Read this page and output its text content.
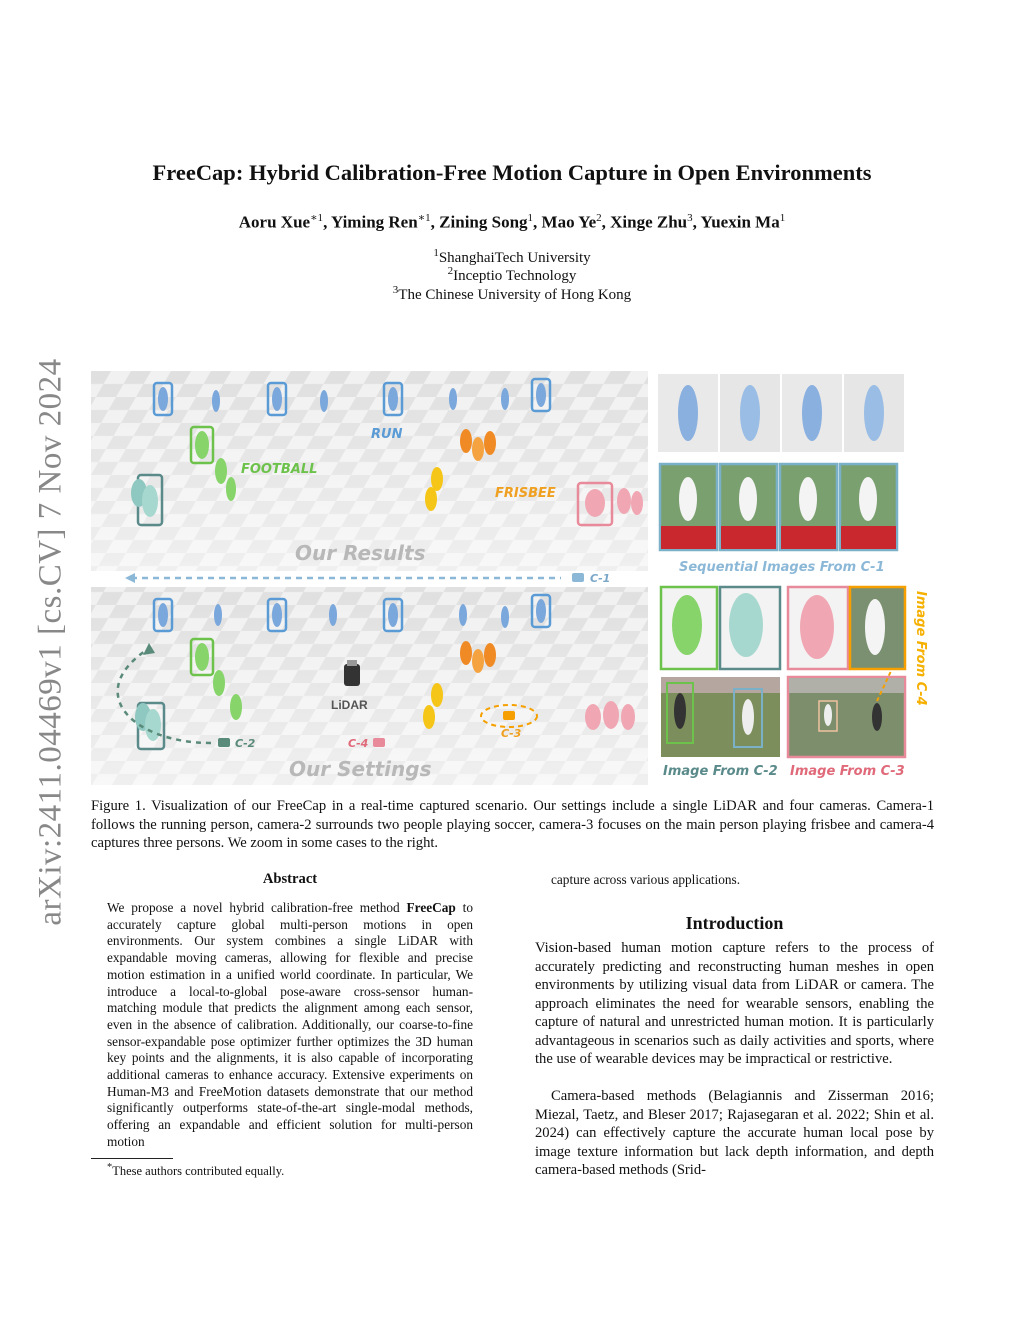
arXiv:2411.04469v1 [cs.CV] 7 Nov 2024
FreeCap: Hybrid Calibration-Free Motion Capture in Open Environments
Aoru Xue$^{∗1}$, Yiming Ren$^{∗1}$, Zining Song$^1$, Mao Ye$^2$, Xinge Zhu$^3$, Yuexin Ma$^1$
$^1$ShanghaiTech University
$^2$Inceptio Technology
$^3$The Chinese University of Hong Kong
RUN
FOOTBALL
FRISBEE
Our Results
C-1
C-2
LiDAR
C-3
C-4
Our Settings
Sequential Images From C-1
Image From C-2
Image From C-4
Image From C-3
Figure 1. Visualization of our FreeCap in a real-time captured scenario. Our settings include a single LiDAR and four cameras. Camera-1 follows the running person, camera-2 surrounds two people playing soccer, camera-3 focuses on the main person playing frisbee and camera-4 captures three persons. We zoom in some cases to the right.
Abstract
We propose a novel hybrid calibration-free method FreeCap to accurately capture global multi-person motions in open environments. Our system combines a single LiDAR with expandable moving cameras, allowing for flexible and precise motion estimation in a unified world coordinate. In particular, We introduce a local-to-global pose-aware cross-sensor human-matching module that predicts the alignment among each sensor, even in the absence of calibration. Additionally, our coarse-to-fine sensor-expandable pose optimizer further optimizes the 3D human key points and the alignments, it is also capable of incorporating additional cameras to enhance accuracy. Extensive experiments on Human-M3 and FreeMotion datasets demonstrate that our method significantly outperforms state-of-the-art single-modal methods, offering an expandable and efficient solution for multi-person motion
*These authors contributed equally.
capture across various applications.
Introduction
Vision-based human motion capture refers to the process of accurately predicting and reconstructing human meshes in open environments by utilizing visual data from LiDAR or camera. The approach eliminates the need for wearable sensors, enabling the capture of natural and unrestricted human motion. It is particularly advantageous in scenarios such as daily activities and sports, where the use of wearable devices may be impractical or restrictive.
Camera-based methods (Belagiannis and Zisserman 2016; Miezal, Taetz, and Bleser 2017; Rajasegaran et al. 2022; Shin et al. 2024) can effectively capture the accurate human local pose by image texture information but lack depth information, and depth camera-based methods (Srid-
